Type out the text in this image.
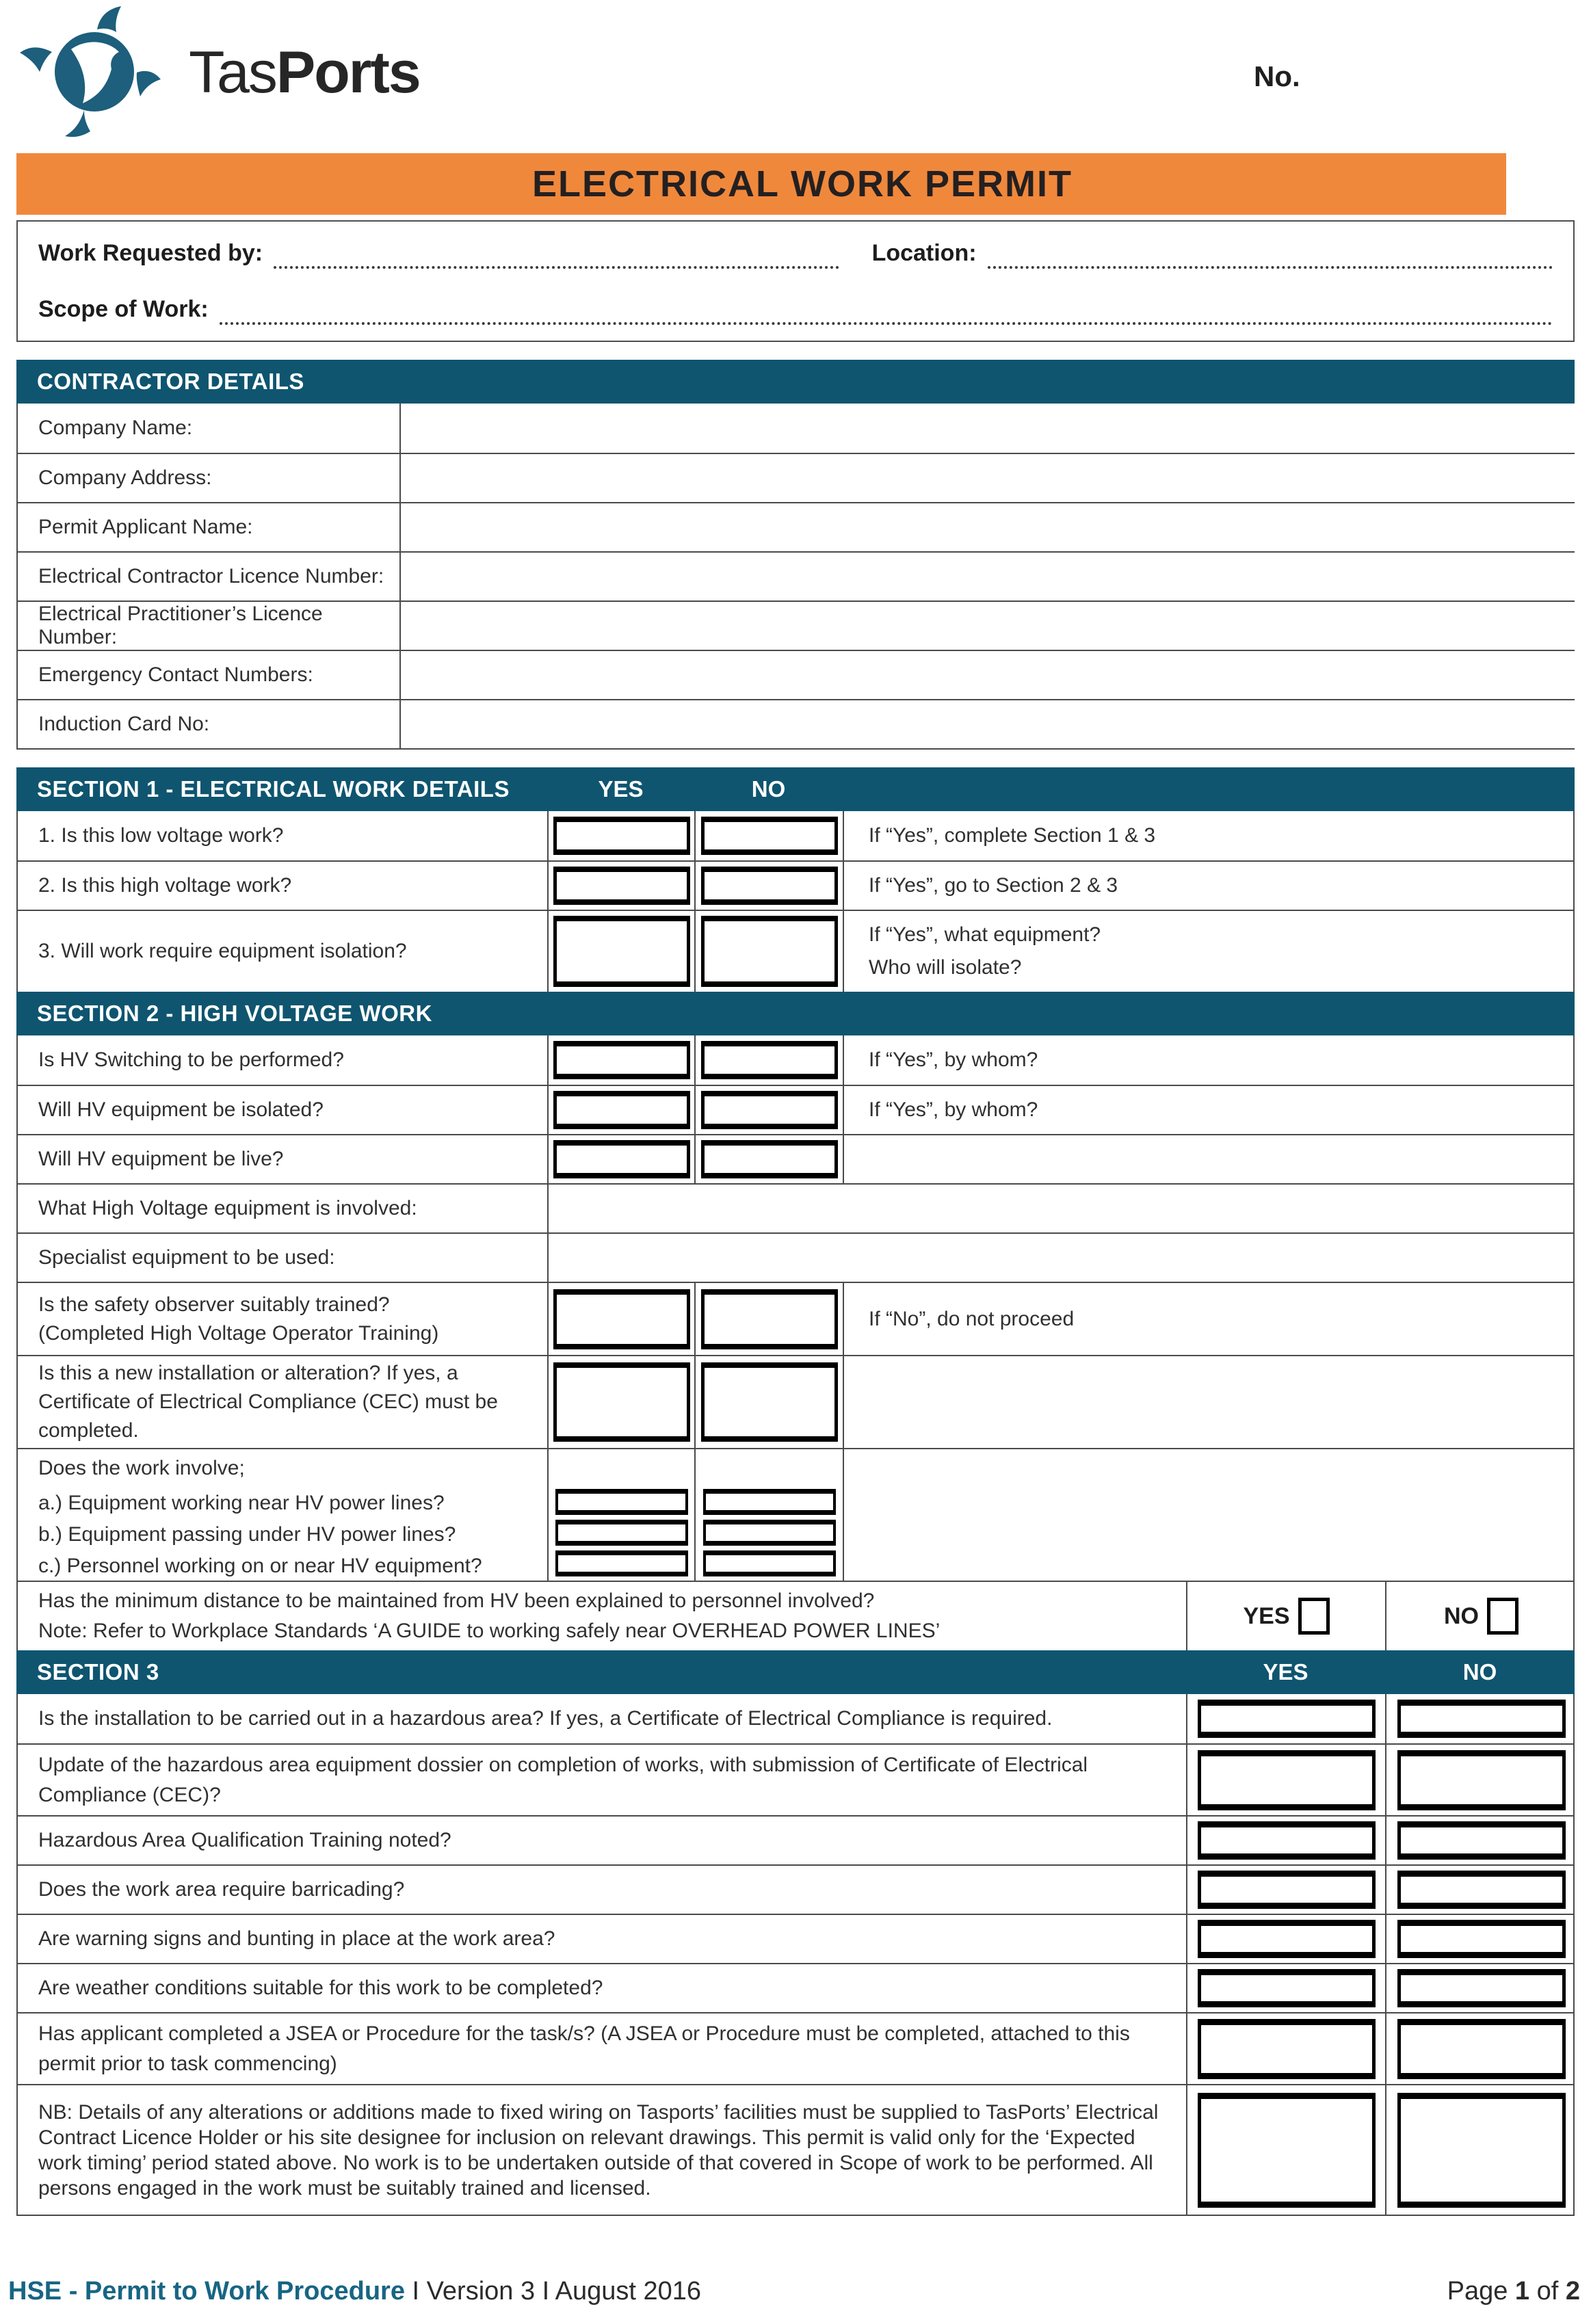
TasPorts	No.
ELECTRICAL WORK PERMIT
Work Requested by:	Location:
Scope of Work:
CONTRACTOR DETAILS
Company Name:
Company Address:
Permit Applicant Name:
Electrical Contractor Licence Number:
Electrical Practitioner’s Licence Number:
Emergency Contact Numbers:
Induction Card No:
SECTION 1 - ELECTRICAL WORK DETAILS	YES	NO
1. Is this low voltage work?	If “Yes”, complete Section 1 & 3
2. Is this high voltage work?	If “Yes”, go to Section 2 & 3
3. Will work require equipment isolation?
If “Yes”, what equipment?
Who will isolate?
SECTION 2 - HIGH VOLTAGE WORK
Is HV Switching to be performed?	If “Yes”, by whom?
Will HV equipment be isolated?	If “Yes”, by whom?
Will HV equipment be live?
What High Voltage equipment is involved:
Specialist equipment to be used:
Is the safety observer suitably trained?
(Completed High Voltage Operator Training)
If “No”, do not proceed
Is this a new installation or alteration? If yes, a Certificate of Electrical Compliance (CEC) must be completed.
Does the work involve;
a.) Equipment working near HV power lines?
b.) Equipment passing under HV power lines?
c.) Personnel working on or near HV equipment?
Has the minimum distance to be maintained from HV been explained to personnel involved?
Note: Refer to Workplace Standards ‘A GUIDE to working safely near OVERHEAD POWER LINES’
YES	NO
SECTION 3	YES	NO
Is the installation to be carried out in a hazardous area? If yes, a Certificate of Electrical Compliance is required.
Update of the hazardous area equipment dossier on completion of works, with submission of Certificate of Electrical Compliance (CEC)?
Hazardous Area Qualification Training noted?
Does the work area require barricading?
Are warning signs and bunting in place at the work area?
Are weather conditions suitable for this work to be completed?
Has applicant completed a JSEA or Procedure for the task/s? (A JSEA or Procedure must be completed, attached to this permit prior to task commencing)
NB: Details of any alterations or additions made to fixed wiring on Tasports’ facilities must be supplied to TasPorts’ Electrical Contract Licence Holder or his site designee for inclusion on relevant drawings. This permit is valid only for the ‘Expected work timing’ period stated above. No work is to be undertaken outside of that covered in Scope of work to be performed. All persons engaged in the work must be suitably trained and licensed.
HSE - Permit to Work Procedure I Version 3 I August 2016	Page 1 of 2
